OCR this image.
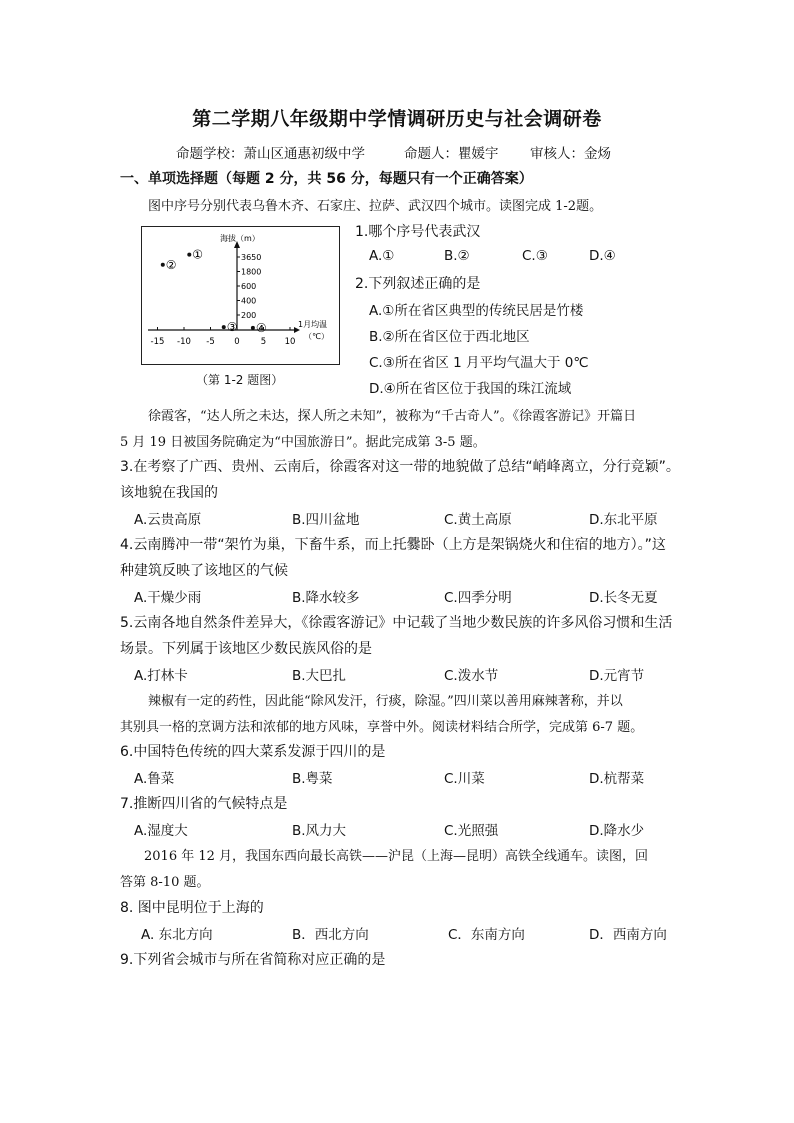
第二学期八年级期中学情调研历史与社会调研卷
命题学校：萧山区通惠初级中学	命题人：瞿媛宇 审核人：金炀
一、单项选择题（每题 2 分，共 56 分，每题只有一个正确答案）
图中序号分别代表乌鲁木齐、石家庄、拉萨、武汉四个城市。读图完成 1-2题。
-15 -10 -5 0 5 10
3650
1800
600
400
200
①
②
③ ④
海拔（m）
1月均温
（℃）
（第 1-2 题图）
1.哪个序号代表武汉
A.①	B.②	C.③	D.④
2.下列叙述正确的是
A.①所在省区典型的传统民居是竹楼
B.②所在省区位于西北地区
C.③所在省区 1 月平均气温大于 0℃
D.④所在省区位于我国的珠江流域
徐霞客，“达人所之未达，探人所之未知”，被称为“千古奇人”。《徐霞客游记》开篇日
5 月 19 日被国务院确定为“中国旅游日”。据此完成第 3-5 题。
3.在考察了广西、贵州、云南后，徐霞客对这一带的地貌做了总结“峭峰离立，分行竞颖”。
该地貌在我国的
A.云贵高原	B.四川盆地	C.黄土高原	D.东北平原
4.云南腾冲一带“架竹为巢，下畜牛系，而上托爨卧（上方是架锅烧火和住宿的地方）。”这
种建筑反映了该地区的气候
A.干燥少雨	B.降水较多	C.四季分明	D.长冬无夏
5.云南各地自然条件差异大，《徐霞客游记》中记载了当地少数民族的许多风俗习惯和生活
场景。下列属于该地区少数民族风俗的是
A.打林卡	B.大巴扎	C.泼水节	D.元宵节
辣椒有一定的药性，因此能“除风发汗，行痰，除湿。”四川菜以善用麻辣著称，并以
其别具一格的烹调方法和浓郁的地方风味，享誉中外。阅读材料结合所学，完成第 6-7 题。
6.中国特色传统的四大菜系发源于四川的是
A.鲁菜	B.粤菜	C.川菜	D.杭帮菜
7.推断四川省的气候特点是
A.湿度大	B.风力大	C.光照强	D.降水少
2016 年 12 月，我国东西向最长高铁——沪昆（上海—昆明）高铁全线通车。读图，回
答第 8-10 题。
8. 图中昆明位于上海的
A. 东北方向	B．西北方向	C．东南方向	D．西南方向
9.下列省会城市与所在省简称对应正确的是
